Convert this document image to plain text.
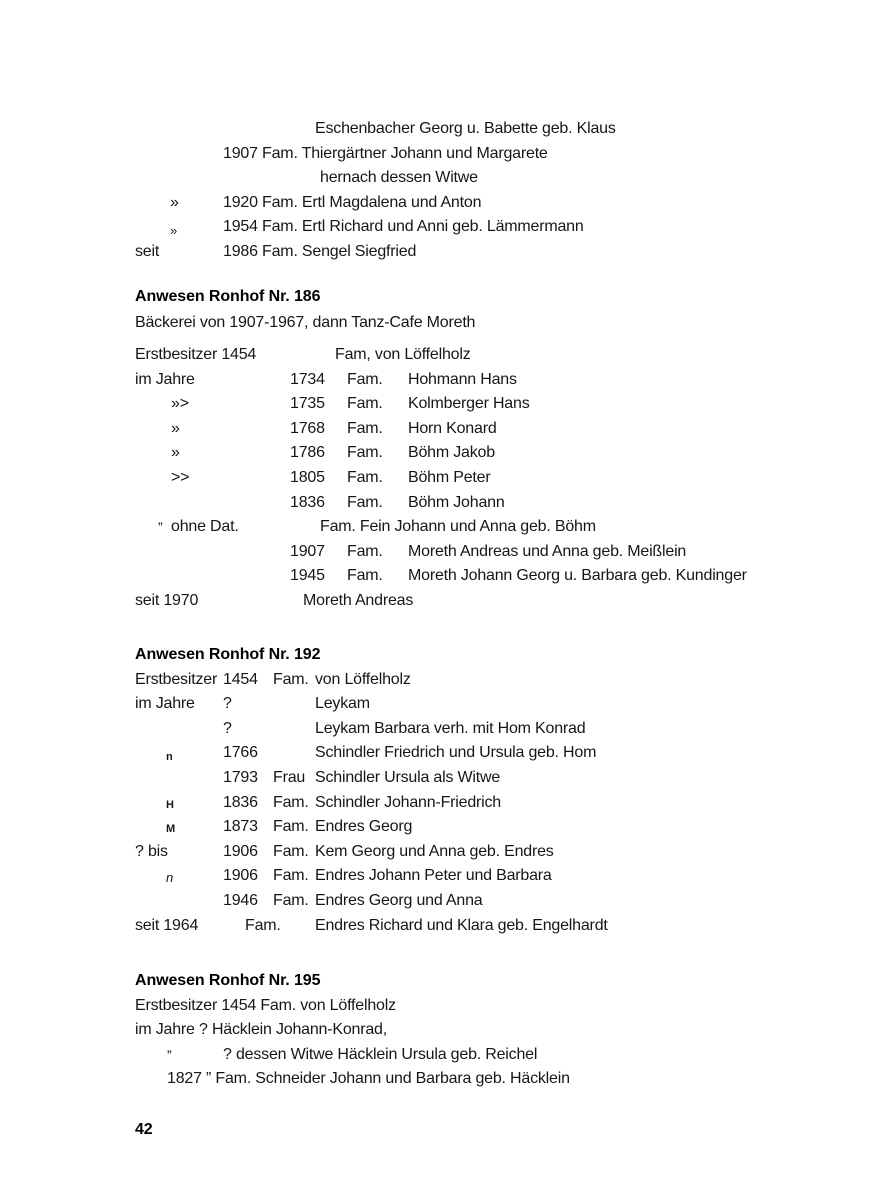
Eschenbacher Georg u. Babette geb. Klaus
1907 Fam. Thiergärtner Johann und Margarete
hernach dessen Witwe
»	1920 Fam. Ertl Magdalena und Anton
»	1954 Fam. Ertl Richard und Anni geb. Lämmermann
seit	1986 Fam. Sengel Siegfried
Anwesen Ronhof Nr. 186
Bäckerei von 1907-1967, dann Tanz-Cafe Moreth
Erstbesitzer 1454	Fam, von Löffelholz
im Jahre	1734 Fam. Hohmann Hans
»>	1735 Fam. Kolmberger Hans
»	1768 Fam. Horn Konard
»	1786 Fam. Böhm Jakob
>>	1805 Fam. Böhm Peter
1836 Fam. Böhm Johann
” ohne Dat.	Fam. Fein Johann und Anna geb. Böhm
1907 Fam. Moreth Andreas und Anna geb. Meißlein
1945 Fam. Moreth Johann Georg u. Barbara geb. Kundinger
seit 1970	Moreth Andreas
Anwesen Ronhof Nr. 192
Erstbesitzer 1454 Fam. von Löffelholz
im Jahre ?	Leykam
?	Leykam Barbara verh. mit Hom Konrad
n	1766	Schindler Friedrich und Ursula geb. Hom
1793 Frau Schindler Ursula als Witwe
H	1836 Fam. Schindler Johann-Friedrich
M	1873 Fam. Endres Georg
? bis	1906 Fam. Kem Georg und Anna geb. Endres
n	1906 Fam. Endres Johann Peter und Barbara
1946 Fam. Endres Georg und Anna
seit 1964	Fam. Endres Richard und Klara geb. Engelhardt
Anwesen Ronhof Nr. 195
Erstbesitzer 1454 Fam. von Löffelholz
im Jahre ? Häcklein Johann-Konrad,
”	? dessen Witwe Häcklein Ursula geb. Reichel
1827 ” Fam. Schneider Johann und Barbara geb. Häcklein
42
